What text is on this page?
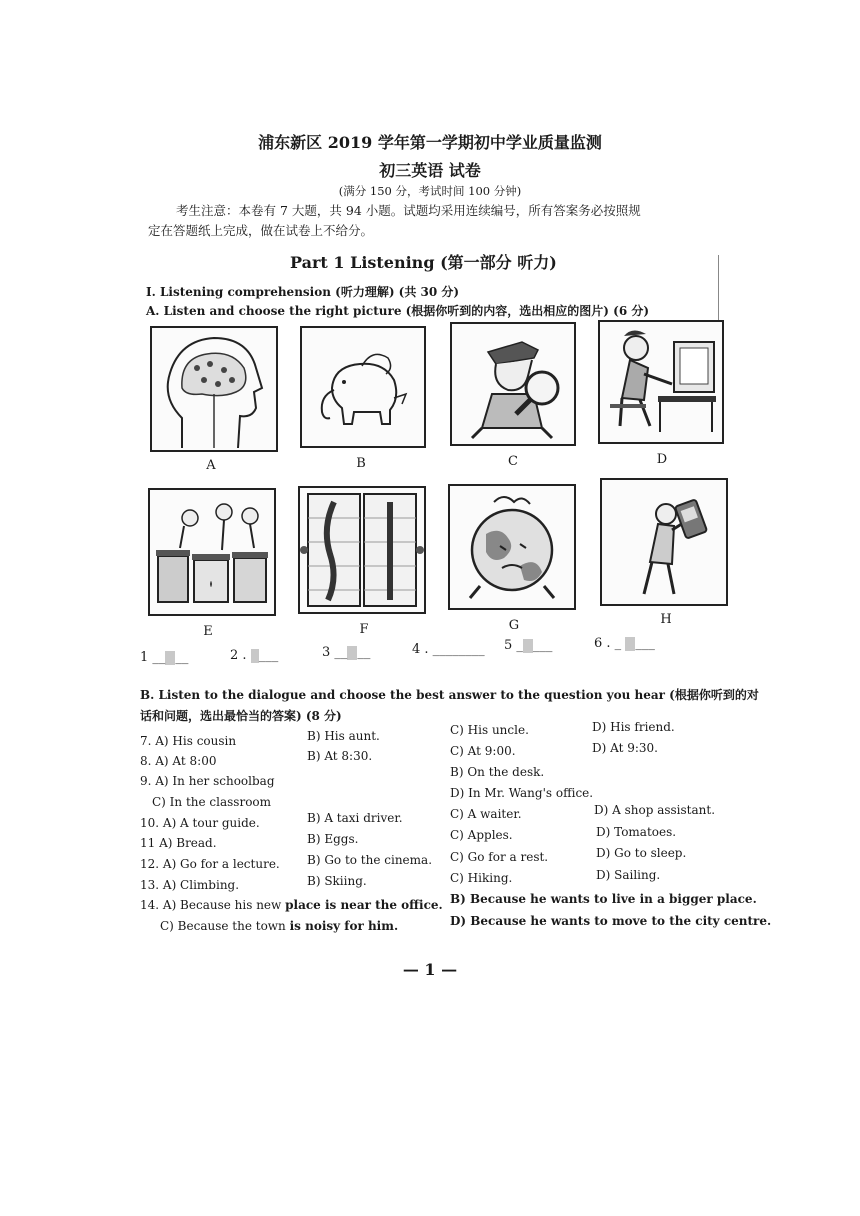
浦东新区 2019 学年第一学期初中学业质量监测
初三英语 试卷
(满分 150 分，考试时间 100 分钟)
考生注意：本卷有 7 大题，共 94 小题。试题均采用连续编号，所有答案务必按照规
定在答题纸上完成，做在试卷上不给分。
Part 1 Listening (第一部分 听力)
I. Listening comprehension (听力理解) (共 30 分)
A. Listen and choose the right picture (根据你听到的内容，选出相应的图片) (6 分)
A	B	C	D
E	F	G	H
1 __ __	2 . ___	3 __ __	4 . ________ 5 _ ___	6 . _ ___
B. Listen to the dialogue and choose the best answer to the question you hear (根据你听到的对
话和问题，选出最恰当的答案) (8 分)
7. A) His cousin	B) His aunt.	C) His uncle.	D) His friend.
8. A) At 8:00	B) At 8:30.	C) At 9:00.	D) At 9:30.
9. A) In her schoolbag
B) On the desk.
C) In the classroom
D) In Mr. Wang's office.
10. A) A tour guide.	B) A taxi driver.	C) A waiter.	D) A shop assistant.
11 A) Bread.	B) Eggs.	C) Apples.	D) Tomatoes.
12. A) Go for a lecture. B) Go to the cinema. C) Go for a rest.	D) Go to sleep.
13. A) Climbing.	B) Skiing.	C) Hiking.	D) Sailing.
14. A) Because his new place is near the office. B) Because he wants to live in a bigger place.
C) Because the town is noisy for him.	D) Because he wants to move to the city centre.
— 1 —
